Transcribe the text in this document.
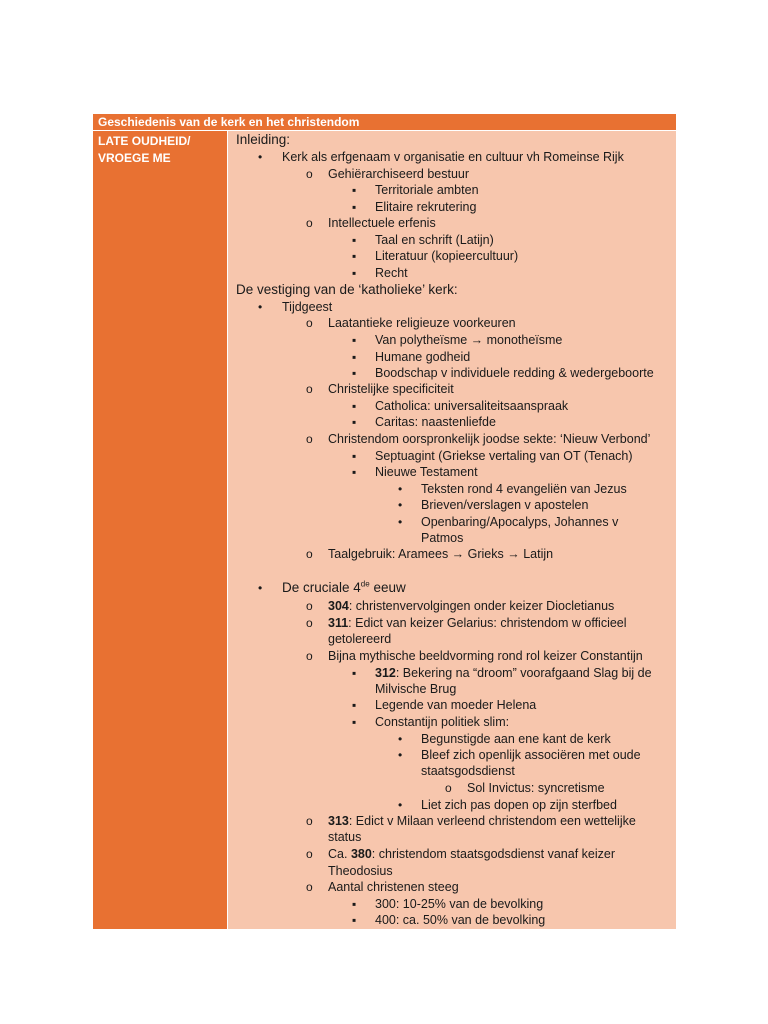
Geschiedenis van de kerk en het christendom
LATE OUDHEID/
VROEGE ME
Inleiding:
• Kerk als erfgenaam v organisatie en cultuur vh Romeinse Rijk
o Gehiërarchiseerd bestuur
▪ Territoriale ambten
▪ Elitaire rekrutering
o Intellectuele erfenis
▪ Taal en schrift (Latijn)
▪ Literatuur (kopieercultuur)
▪ Recht
De vestiging van de ‘katholieke’ kerk:
• Tijdgeest
o Laatantieke religieuze voorkeuren
▪ Van polytheïsme → monotheïsme
▪ Humane godheid
▪ Boodschap v individuele redding & wedergeboorte
o Christelijke specificiteit
▪ Catholica: universaliteitsaanspraak
▪ Caritas: naastenliefde
o Christendom oorspronkelijk joodse sekte: ‘Nieuw Verbond’
▪ Septuagint (Griekse vertaling van OT (Tenach)
▪ Nieuwe Testament
• Teksten rond 4 evangeliën van Jezus
• Brieven/verslagen v apostelen
• Openbaring/Apocalyps, Johannes v
Patmos
o Taalgebruik: Aramees → Grieks → Latijn
• De cruciale 4de eeuw
o 304: christenvervolgingen onder keizer Diocletianus
o 311: Edict van keizer Gelarius: christendom w officieel
getolereerd
o Bijna mythische beeldvorming rond rol keizer Constantijn
▪ 312: Bekering na “droom” voorafgaand Slag bij de
Milvische Brug
▪ Legende van moeder Helena
▪ Constantijn politiek slim:
• Begunstigde aan ene kant de kerk
• Bleef zich openlijk associëren met oude
staatsgodsdienst
o Sol Invictus: syncretisme
• Liet zich pas dopen op zijn sterfbed
o 313: Edict v Milaan verleend christendom een wettelijke
status
o Ca. 380: christendom staatsgodsdienst vanaf keizer
Theodosius
o Aantal christenen steeg
▪ 300: 10-25% van de bevolking
▪ 400: ca. 50% van de bevolking
